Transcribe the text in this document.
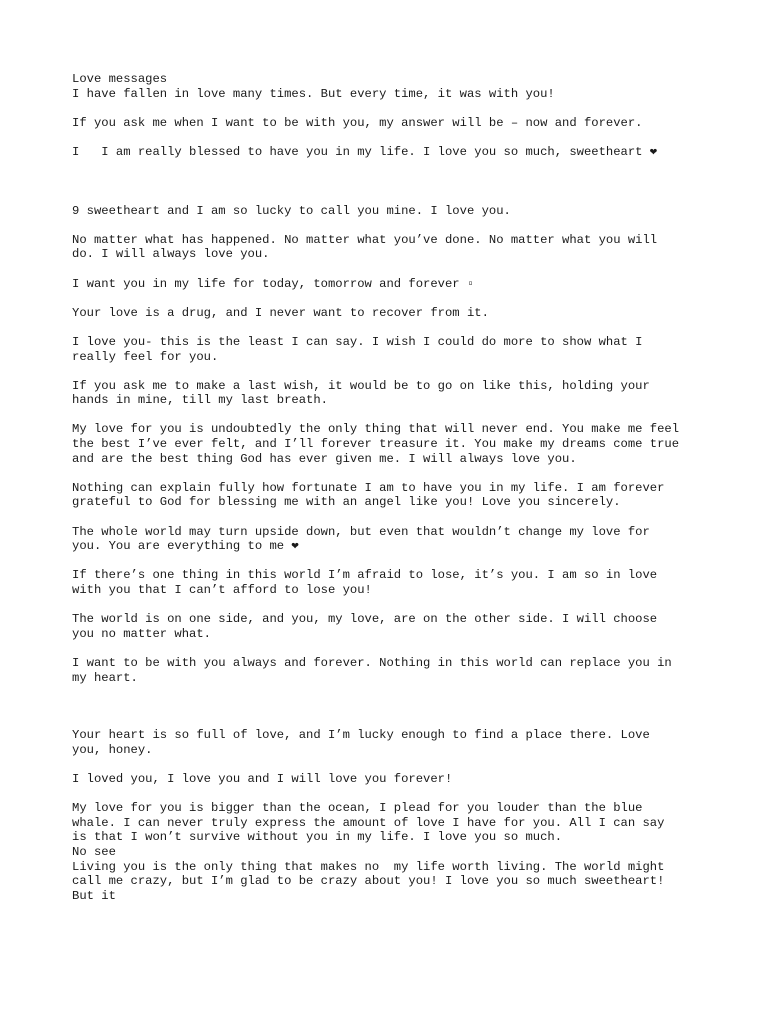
Love messages
I have fallen in love many times. But every time, it was with you!
If you ask me when I want to be with you, my answer will be – now and forever.
I   I am really blessed to have you in my life. I love you so much, sweetheart ❤
9 sweetheart and I am so lucky to call you mine. I love you.
No matter what has happened. No matter what you’ve done. No matter what you will
do. I will always love you.
I want you in my life for today, tomorrow and forever ▫
Your love is a drug, and I never want to recover from it.
I love you- this is the least I can say. I wish I could do more to show what I
really feel for you.
If you ask me to make a last wish, it would be to go on like this, holding your
hands in mine, till my last breath.
My love for you is undoubtedly the only thing that will never end. You make me feel
the best I’ve ever felt, and I’ll forever treasure it. You make my dreams come true
and are the best thing God has ever given me. I will always love you.
Nothing can explain fully how fortunate I am to have you in my life. I am forever
grateful to God for blessing me with an angel like you! Love you sincerely.
The whole world may turn upside down, but even that wouldn’t change my love for
you. You are everything to me ❤
If there’s one thing in this world I’m afraid to lose, it’s you. I am so in love
with you that I can’t afford to lose you!
The world is on one side, and you, my love, are on the other side. I will choose
you no matter what.
I want to be with you always and forever. Nothing in this world can replace you in
my heart.
Your heart is so full of love, and I’m lucky enough to find a place there. Love
you, honey.
I loved you, I love you and I will love you forever!
My love for you is bigger than the ocean, I plead for you louder than the blue
whale. I can never truly express the amount of love I have for you. All I can say
is that I won’t survive without you in my life. I love you so much.
No see
Living you is the only thing that makes no  my life worth living. The world might
call me crazy, but I’m glad to be crazy about you! I love you so much sweetheart!
But it
